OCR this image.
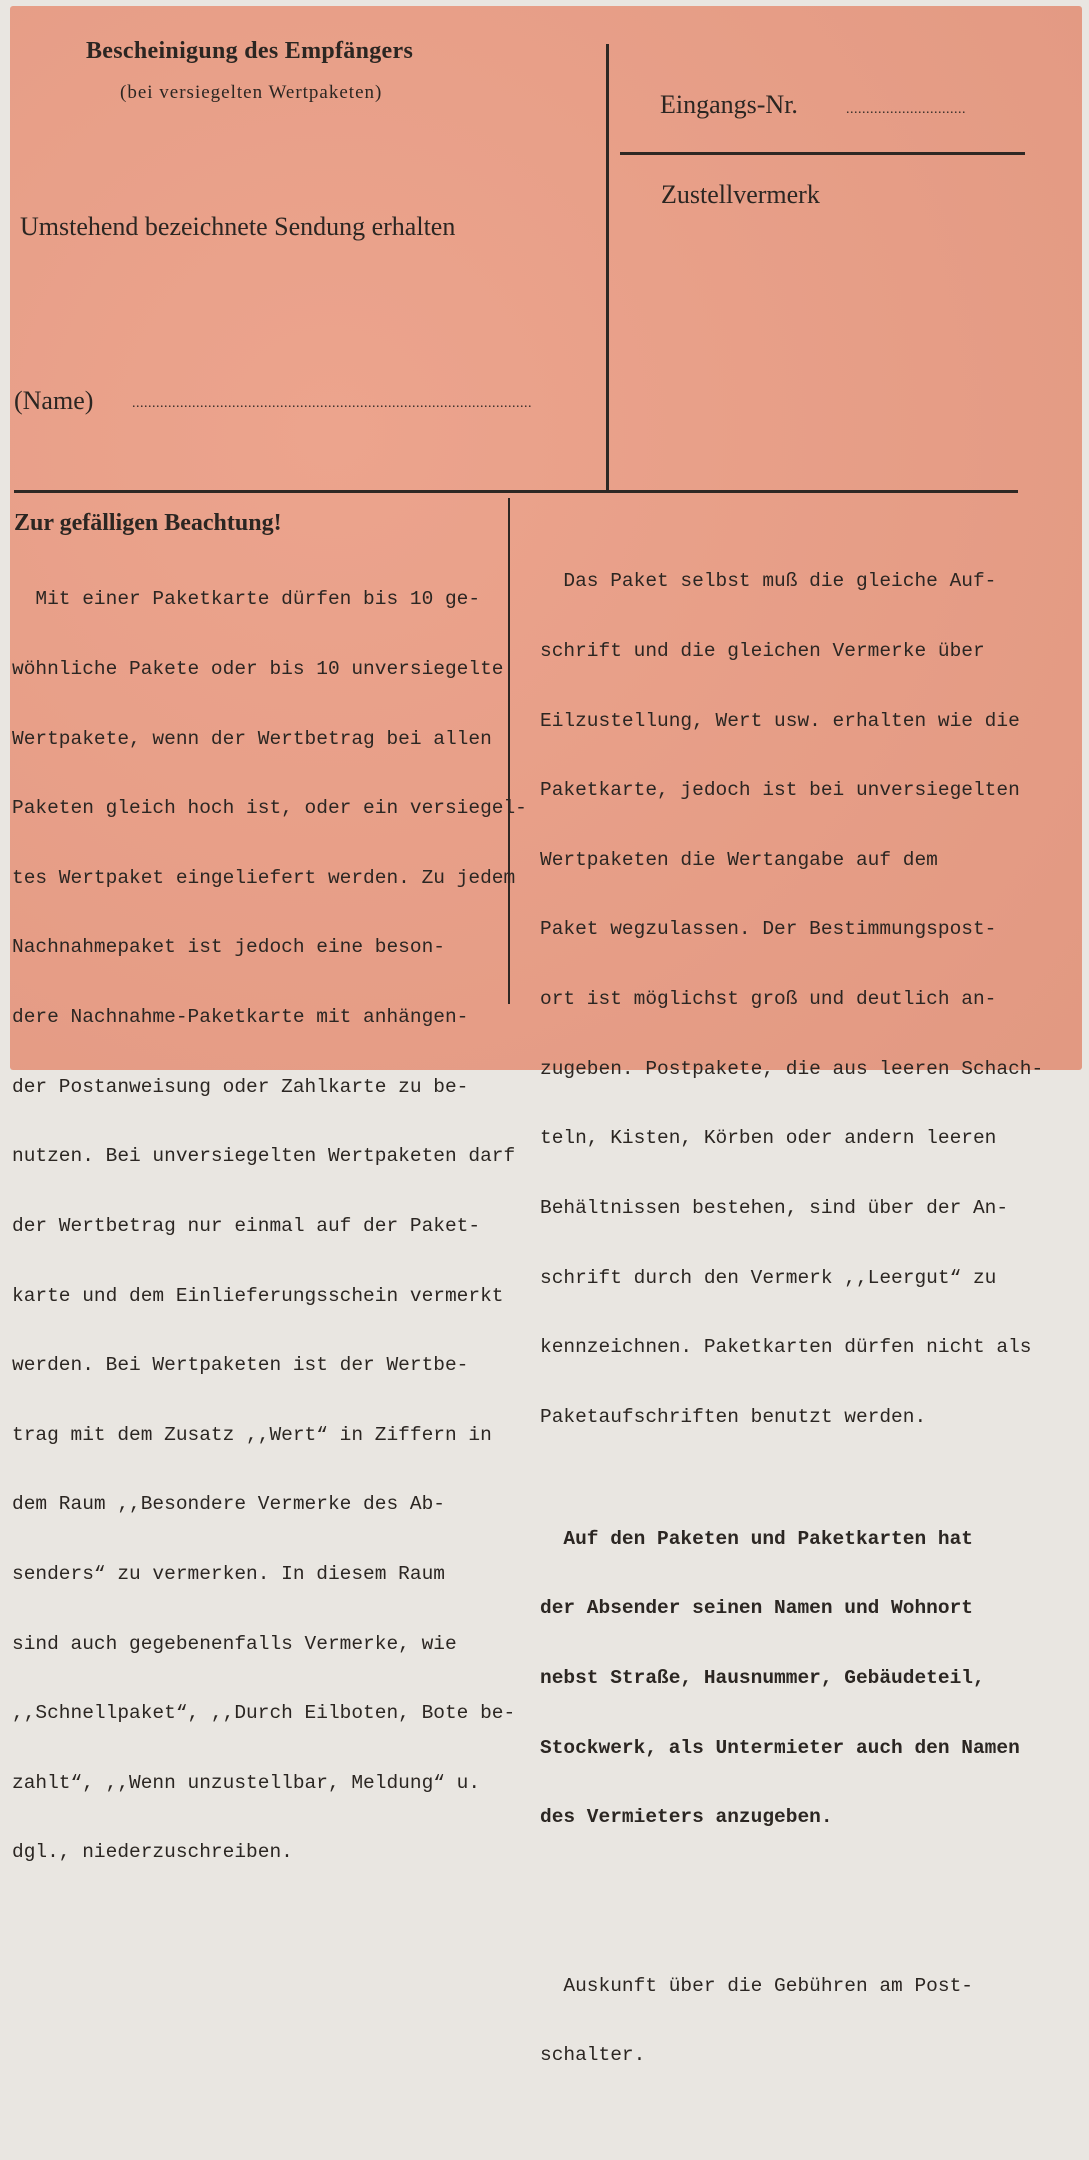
Bescheinigung des Empfängers
(bei versiegelten Wertpaketen)
Umstehend bezeichnete Sendung erhalten
(Name)	....................................................................................................
Eingangs-Nr.	..............................
Zustellvermerk
Zur gefälligen Beachtung!

Mit einer Paketkarte dürfen bis 10 ge-

wöhnliche Pakete oder bis 10 unversiegelte

Wertpakete, wenn der Wertbetrag bei allen

Paketen gleich hoch ist, oder ein versiegel-

tes Wertpaket eingeliefert werden. Zu jedem

Nachnahmepaket ist jedoch eine beson-

dere Nachnahme-Paketkarte mit anhängen-

der Postanweisung oder Zahlkarte zu be-

nutzen. Bei unversiegelten Wertpaketen darf

der Wertbetrag nur einmal auf der Paket-

karte und dem Einlieferungsschein vermerkt

werden. Bei Wertpaketen ist der Wertbe-

trag mit dem Zusatz ,,Wert“ in Ziffern in

dem Raum ,,Besondere Vermerke des Ab-

senders“ zu vermerken. In diesem Raum

sind auch gegebenenfalls Vermerke, wie

,,Schnellpaket“, ,,Durch Eilboten, Bote be-

zahlt“, ,,Wenn unzustellbar, Meldung“ u.

dgl., niederzuschreiben.

Das Paket selbst muß die gleiche Auf-

schrift und die gleichen Vermerke über

Eilzustellung, Wert usw. erhalten wie die

Paketkarte, jedoch ist bei unversiegelten

Wertpaketen die Wertangabe auf dem

Paket wegzulassen. Der Bestimmungspost-

ort ist möglichst groß und deutlich an-

zugeben. Postpakete, die aus leeren Schach-

teln, Kisten, Körben oder andern leeren

Behältnissen bestehen, sind über der An-

schrift durch den Vermerk ,,Leergut“ zu

kennzeichnen. Paketkarten dürfen nicht als

Paketaufschriften benutzt werden.

Auf den Paketen und Paketkarten hat

der Absender seinen Namen und Wohnort

nebst Straße, Hausnummer, Gebäudeteil,

Stockwerk, als Untermieter auch den Namen

des Vermieters anzugeben.

Auskunft über die Gebühren am Post-

schalter.
